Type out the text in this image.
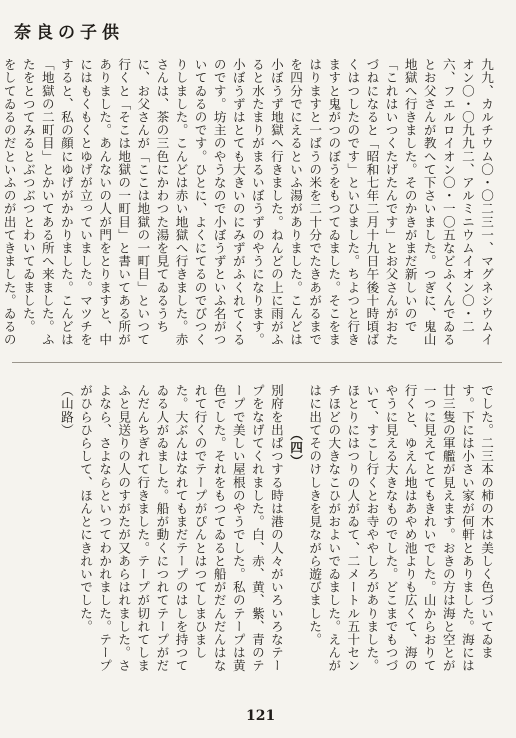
奈良の子供

九九、カルチウム〇・〇二三一、マグネシウムイオン〇・〇九九二、アルミニウムイオン〇・二六、フエルロイオン〇・一〇五などふくんでゐるとお父さんが教へて下さいました。つぎに、鬼山地獄へ行きました。そのかきがまだ新しいので「これはいつくたげたんです」とお父さんがおたづねになると「昭和七年二月十九日午後十時頃ばくはつしたのです」といひました。ちよつと行きますと鬼がつのぼうをもつてゐました。そこをまはりますと一ばうの米を二十分でたきあがるまでを四分でにえるといふ湯がありました。こんどは小ぼうず地獄へ行きました。ねんどの上に雨がふると水たまりがまるいぼうずのやうになります。小ぼうずはとても大きいのにみずがふくれてくるのです。坊主のやうなので小ぼうずといふ名がついてゐるのです。ひとに、よくにてるのでびつくりしました。こんどは赤い地獄へ行きました。赤さんは、茶の三色にかわつた湯を見てゐるうちに、お父さんが「ここは地獄の一町目」といつて行くと「そこは地獄の一町目」と書いてある所がありました。あんないの人が門をとりますと、中にはもくもくとゆげが立っていました。マツチをすると、私の顔にゆげがかかりました。こんどは「地獄の二町目」とかいてある所へ来ました。ふたをとつてみるとぶつぶつとわいてゐました。

をしてゐるのだといふのが出てきました。ゐるの

でした。二三本の柿の木は美しく色づいてゐます。下には小さい家が何軒とありました。海には廿三隻の軍艦が見えます。おきの方は海と空とが一つに見えてとてもきれいでした。山からおりて行くと、ゆえん地はあやめ池よりも広くて、海のやうに見える大きなものでした。どこまでもつづいて、すこし行くとお寺ややしろがありました。ほとりにはつりの人がゐて、二メートル五十センチほどの大きなこひがおよいでゐました。えんがはに出てそのけしきを見ながら遊びました。

（四）

別府を出ぱつする時は港の人々がいろいろなテープをなげてくれました。白、赤、黄、紫、青のテープで美しい屋根のやうでした。私のテープは黄色でした。それをもつてゐると船がだんだんはなれて行くのでテープがぴんとはつてしまひました。大ぶんはなれてもまだテープのはしを持つてゐる人がゐました。船が動くにつれてテープがだんだんちぎれて行きました。テープが切れてしまふと見送りの人のすがたが又あらはれました。さよなら、さよならといつてわかれました。テープがひらひらして、ほんとにきれいでした。

（山路）

121
